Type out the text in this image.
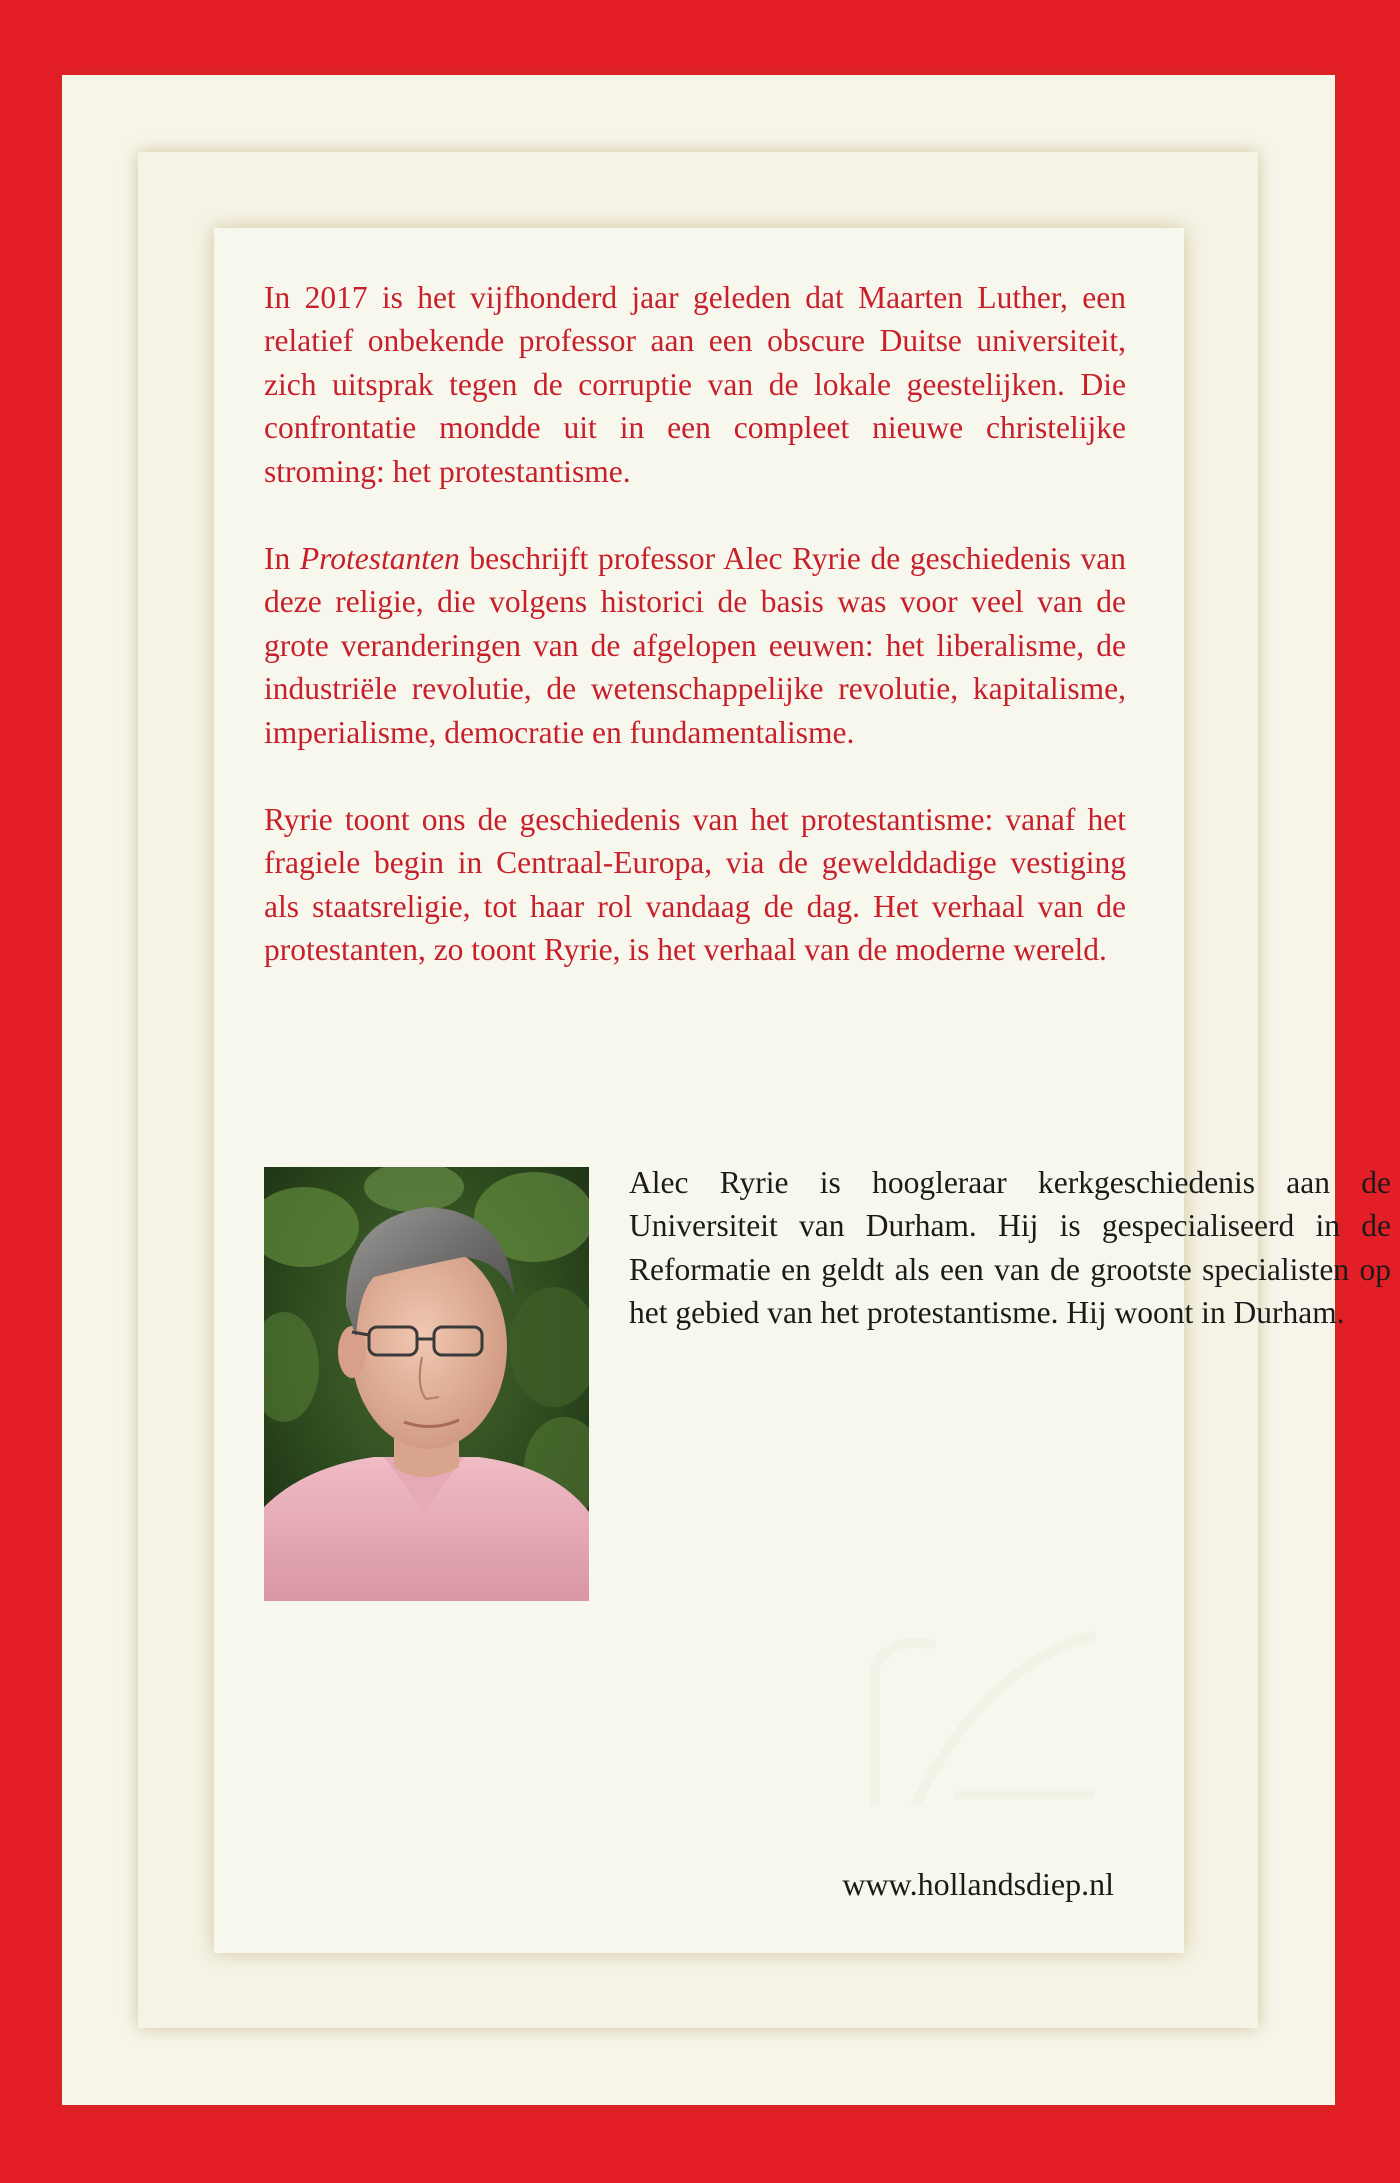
In 2017 is het vijfhonderd jaar geleden dat Maarten Luther, een relatief onbekende professor aan een obscure Duitse universiteit, zich uitsprak tegen de corruptie van de lokale geestelijken. Die confrontatie mondde uit in een compleet nieuwe christelijke stroming: het protestantisme.

In Protestanten beschrijft professor Alec Ryrie de geschiedenis van deze religie, die volgens historici de basis was voor veel van de grote veranderingen van de afgelopen eeuwen: het liberalisme, de industriële revolutie, de wetenschappelijke revolutie, kapitalisme, imperialisme, democratie en fundamentalisme.

Ryrie toont ons de geschiedenis van het protestantisme: vanaf het fragiele begin in Centraal-Europa, via de gewelddadige vestiging als staatsreligie, tot haar rol vandaag de dag. Het verhaal van de protestanten, zo toont Ryrie, is het verhaal van de moderne wereld.

Alec Ryrie is hoogleraar kerkgeschiedenis aan de Universiteit van Durham. Hij is gespecialiseerd in de Reformatie en geldt als een van de grootste specialisten op het gebied van het protestantisme. Hij woont in Durham.

www.hollandsdiep.nl
